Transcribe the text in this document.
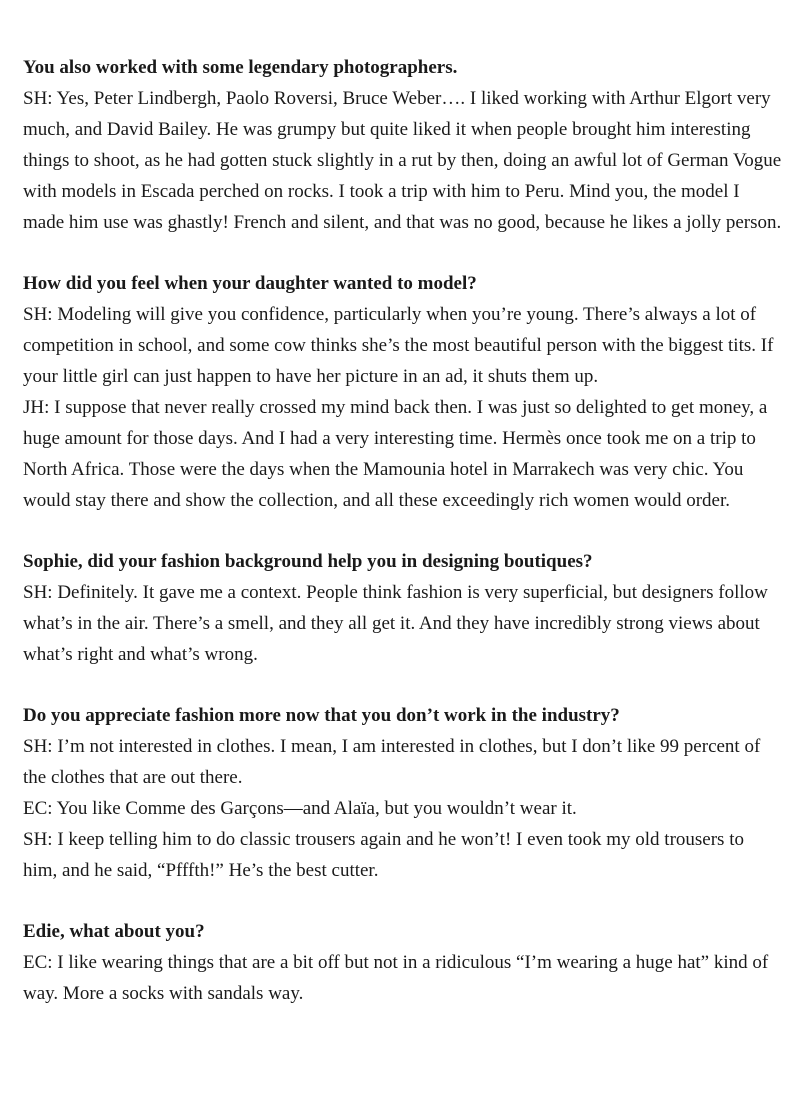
You also worked with some legendary photographers.

SH: Yes, Peter Lindbergh, Paolo Roversi, Bruce Weber…. I liked working with Arthur Elgort very much, and David Bailey. He was grumpy but quite liked it when people brought him interesting things to shoot, as he had gotten stuck slightly in a rut by then, doing an awful lot of German Vogue with models in Escada perched on rocks. I took a trip with him to Peru. Mind you, the model I made him use was ghastly! French and silent, and that was no good, because he likes a jolly person.

How did you feel when your daughter wanted to model?

SH: Modeling will give you confidence, particularly when you’re young. There’s always a lot of competition in school, and some cow thinks she’s the most beautiful person with the biggest tits. If your little girl can just happen to have her picture in an ad, it shuts them up.

JH: I suppose that never really crossed my mind back then. I was just so delighted to get money, a huge amount for those days. And I had a very interesting time. Hermès once took me on a trip to North Africa. Those were the days when the Mamounia hotel in Marrakech was very chic. You would stay there and show the collection, and all these exceedingly rich women would order.

Sophie, did your fashion background help you in designing boutiques?

SH: Definitely. It gave me a context. People think fashion is very superficial, but designers follow what’s in the air. There’s a smell, and they all get it. And they have incredibly strong views about what’s right and what’s wrong.

Do you appreciate fashion more now that you don’t work in the industry?

SH: I’m not interested in clothes. I mean, I am interested in clothes, but I don’t like 99 percent of the clothes that are out there.

EC: You like Comme des Garçons—and Alaïa, but you wouldn’t wear it.

SH: I keep telling him to do classic trousers again and he won’t! I even took my old trousers to him, and he said, “Pfffth!” He’s the best cutter.

Edie, what about you?

EC: I like wearing things that are a bit off but not in a ridiculous “I’m wearing a huge hat” kind of way. More a socks with sandals way.
